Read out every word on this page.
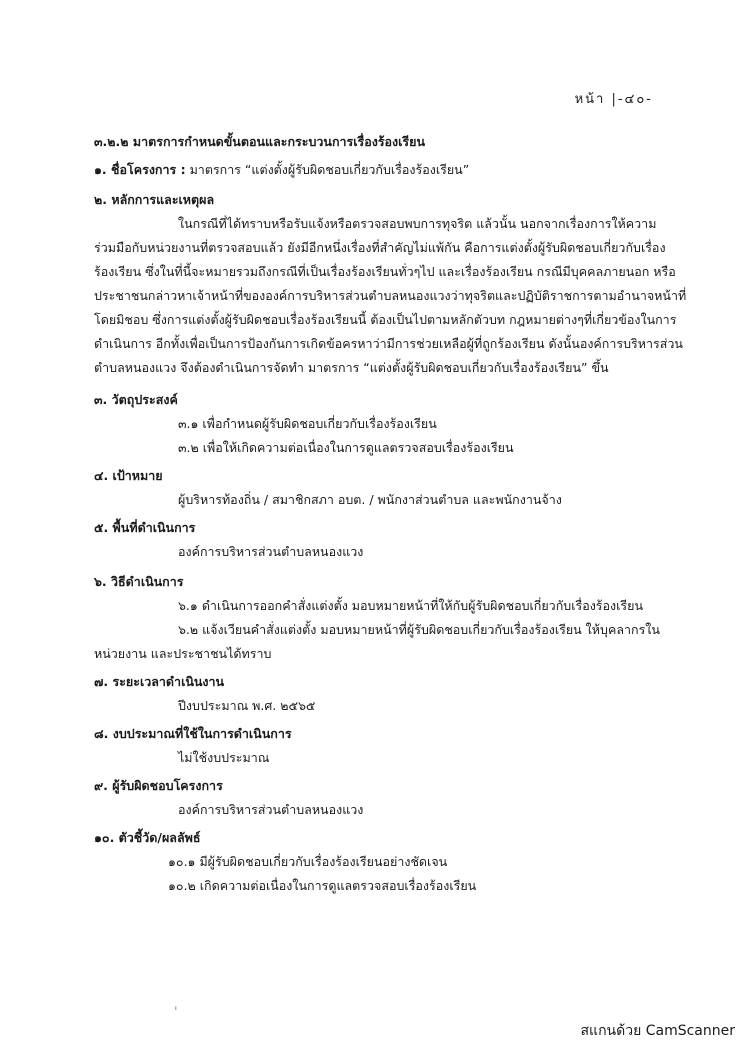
หน้า |-๔๐-
๓.๒.๒ มาตรการกำหนดขั้นตอนและกระบวนการเรื่องร้องเรียน
๑. ชื่อโครงการ : มาตรการ “แต่งตั้งผู้รับผิดชอบเกี่ยวกับเรื่องร้องเรียน”
๒. หลักการและเหตุผล
ในกรณีที่ได้ทราบหรือรับแจ้งหรือตรวจสอบพบการทุจริต แล้วนั้น นอกจากเรื่องการให้ความ
ร่วมมือกับหน่วยงานที่ตรวจสอบแล้ว ยังมีอีกหนึ่งเรื่องที่สำคัญไม่แพ้กัน คือการแต่งตั้งผู้รับผิดชอบเกี่ยวกับเรื่อง
ร้องเรียน ซึ่งในที่นี้จะหมายรวมถึงกรณีที่เป็นเรื่องร้องเรียนทั่วๆไป และเรื่องร้องเรียน กรณีมีบุคคลภายนอก หรือ
ประชาชนกล่าวหาเจ้าหน้าที่ขององค์การบริหารส่วนตำบลหนองแวงว่าทุจริตและปฏิบัติราชการตามอำนาจหน้าที่
โดยมิชอบ ซึ่งการแต่งตั้งผู้รับผิดชอบเรื่องร้องเรียนนี้ ต้องเป็นไปตามหลักตัวบท กฎหมายต่างๆที่เกี่ยวข้องในการ
ดำเนินการ อีกทั้งเพื่อเป็นการป้องกันการเกิดข้อครหาว่ามีการช่วยเหลือผู้ที่ถูกร้องเรียน ดังนั้นองค์การบริหารส่วน
ตำบลหนองแวง จึงต้องดำเนินการจัดทำ มาตรการ “แต่งตั้งผู้รับผิดชอบเกี่ยวกับเรื่องร้องเรียน” ขึ้น
๓. วัตถุประสงค์
๓.๑ เพื่อกำหนดผู้รับผิดชอบเกี่ยวกับเรื่องร้องเรียน
๓.๒ เพื่อให้เกิดความต่อเนื่องในการดูแลตรวจสอบเรื่องร้องเรียน
๔. เป้าหมาย
ผู้บริหารท้องถิ่น / สมาชิกสภา อบต. / พนักงาส่วนตำบล และพนักงานจ้าง
๕. พื้นที่ดำเนินการ
องค์การบริหารส่วนตำบลหนองแวง
๖. วิธีดำเนินการ
๖.๑ ดำเนินการออกคำสั่งแต่งตั้ง มอบหมายหน้าที่ให้กับผู้รับผิดชอบเกี่ยวกับเรื่องร้องเรียน
๖.๒ แจ้งเวียนคำสั่งแต่งตั้ง มอบหมายหน้าที่ผู้รับผิดชอบเกี่ยวกับเรื่องร้องเรียน ให้บุคลากรใน
หน่วยงาน และประชาชนได้ทราบ
๗. ระยะเวลาดำเนินงาน
ปีงบประมาณ พ.ศ. ๒๕๖๕
๘. งบประมาณที่ใช้ในการดำเนินการ
ไม่ใช้งบประมาณ
๙. ผู้รับผิดชอบโครงการ
องค์การบริหารส่วนตำบลหนองแวง
๑๐. ตัวชี้วัด/ผลลัพธ์
๑๐.๑ มีผู้รับผิดชอบเกี่ยวกับเรื่องร้องเรียนอย่างชัดเจน
๑๐.๒ เกิดความต่อเนื่องในการดูแลตรวจสอบเรื่องร้องเรียน
ᵢ
สแกนด้วย CamScanner
